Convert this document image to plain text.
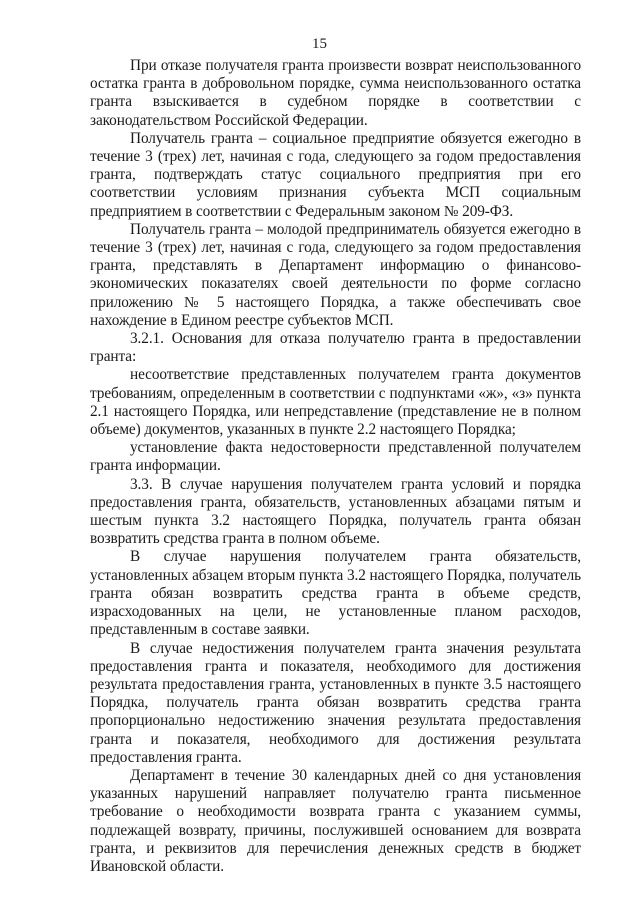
15

При отказе получателя гранта произвести возврат неиспользованного остатка гранта в добровольном порядке, сумма неиспользованного остатка гранта взыскивается в судебном порядке в соответствии с законодательством Российской Федерации.

Получатель гранта – социальное предприятие обязуется ежегодно в течение 3 (трех) лет, начиная с года, следующего за годом предоставления гранта, подтверждать статус социального предприятия при его соответствии условиям признания субъекта МСП социальным предприятием в соответствии с Федеральным законом № 209-ФЗ.

Получатель гранта – молодой предприниматель обязуется ежегодно в течение 3 (трех) лет, начиная с года, следующего за годом предоставления гранта, представлять в Департамент информацию о финансово-экономических показателях своей деятельности по форме согласно приложению № 5 настоящего Порядка, а также обеспечивать свое нахождение в Едином реестре субъектов МСП.

3.2.1. Основания для отказа получателю гранта в предоставлении гранта:

несоответствие представленных получателем гранта документов требованиям, определенным в соответствии с подпунктами «ж», «з» пункта 2.1 настоящего Порядка, или непредставление (представление не в полном объеме) документов, указанных в пункте 2.2 настоящего Порядка;

установление факта недостоверности представленной получателем гранта информации.

3.3. В случае нарушения получателем гранта условий и порядка предоставления гранта, обязательств, установленных абзацами пятым и шестым пункта 3.2 настоящего Порядка, получатель гранта обязан возвратить средства гранта в полном объеме.

В случае нарушения получателем гранта обязательств, установленных абзацем вторым пункта 3.2 настоящего Порядка, получатель гранта обязан возвратить средства гранта в объеме средств, израсходованных на цели, не установленные планом расходов, представленным в составе заявки.

В случае недостижения получателем гранта значения результата предоставления гранта и показателя, необходимого для достижения результата предоставления гранта, установленных в пункте 3.5 настоящего Порядка, получатель гранта обязан возвратить средства гранта пропорционально недостижению значения результата предоставления гранта и показателя, необходимого для достижения результата предоставления гранта.

Департамент в течение 30 календарных дней со дня установления указанных нарушений направляет получателю гранта письменное требование о необходимости возврата гранта с указанием суммы, подлежащей возврату, причины, послужившей основанием для возврата гранта, и реквизитов для перечисления денежных средств в бюджет Ивановской области.
